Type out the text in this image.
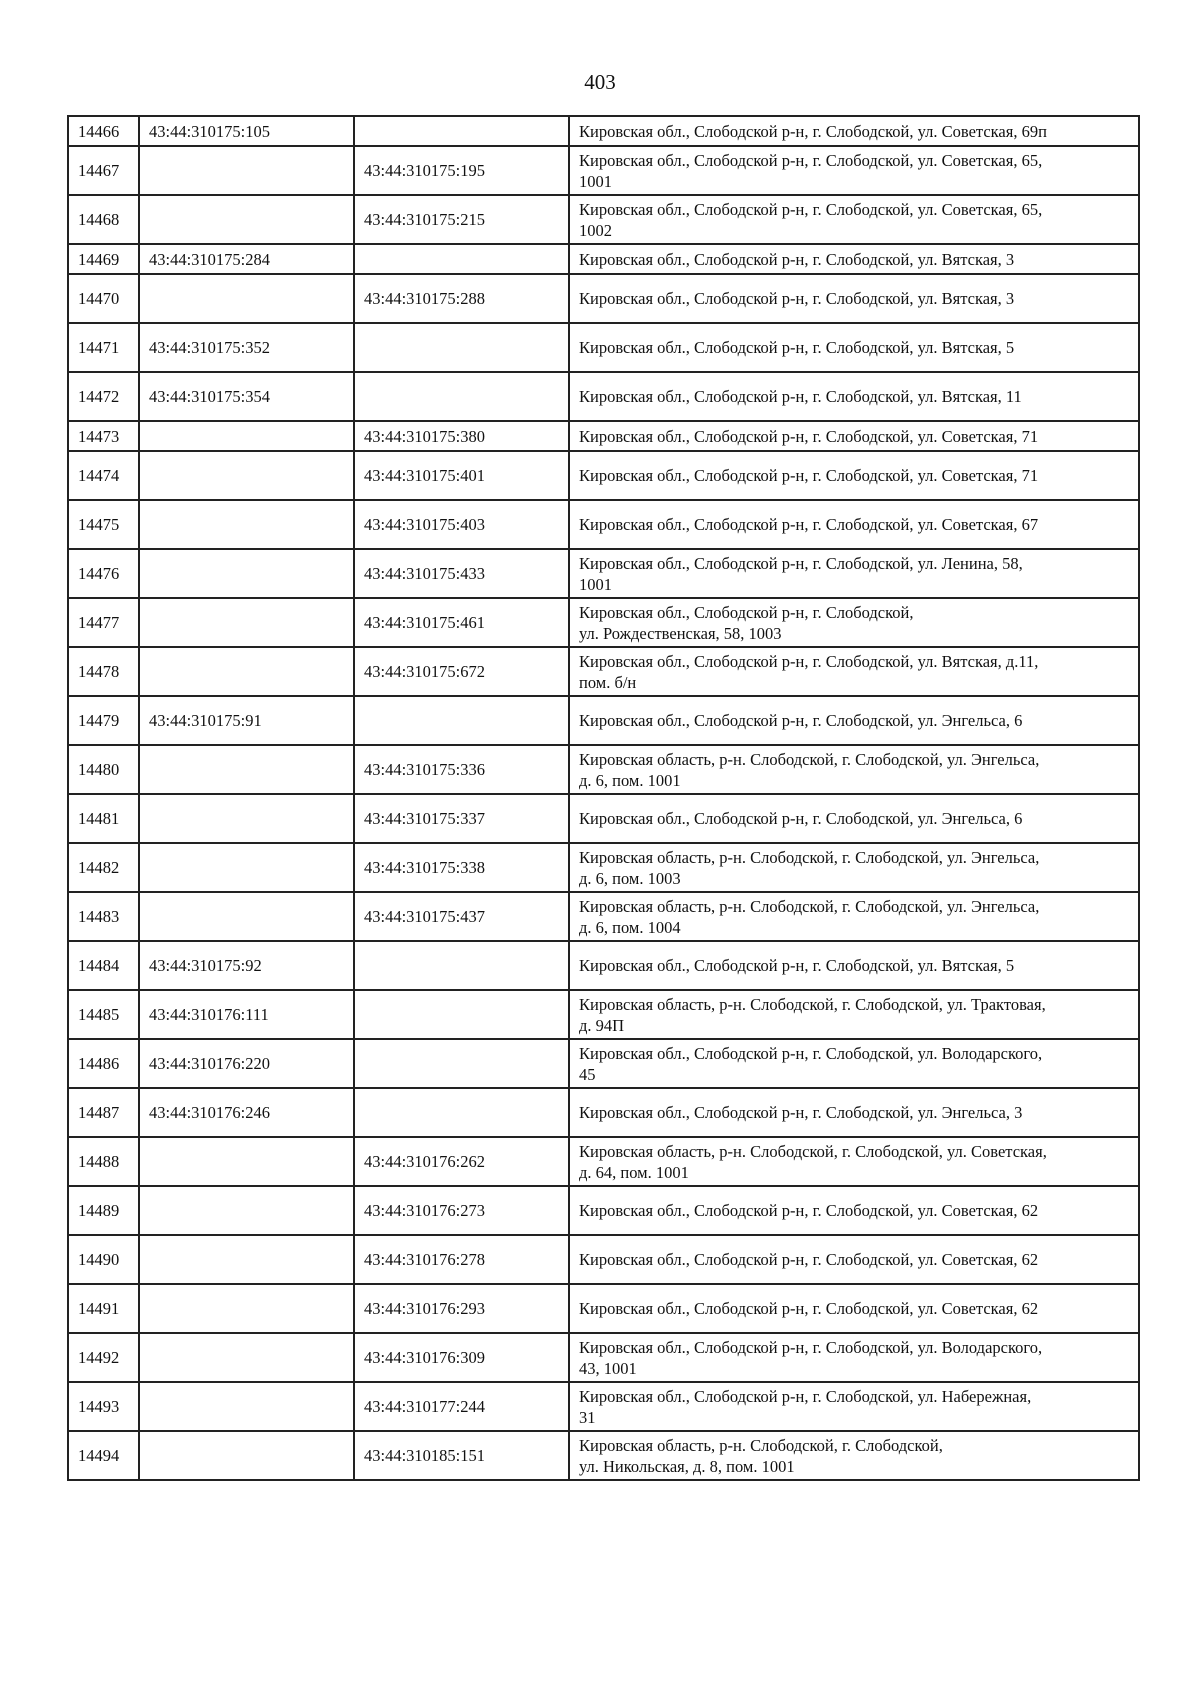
403
14466	43:44:310175:105		Кировская обл., Слободской р-н, г. Слободской, ул. Советская, 69п
14467		43:44:310175:195	Кировская обл., Слободской р-н, г. Слободской, ул. Советская, 65,
1001
14468		43:44:310175:215	Кировская обл., Слободской р-н, г. Слободской, ул. Советская, 65,
1002
14469	43:44:310175:284		Кировская обл., Слободской р-н, г. Слободской, ул. Вятская, 3
14470		43:44:310175:288	Кировская обл., Слободской р-н, г. Слободской, ул. Вятская, 3
14471	43:44:310175:352		Кировская обл., Слободской р-н, г. Слободской, ул. Вятская, 5
14472	43:44:310175:354		Кировская обл., Слободской р-н, г. Слободской, ул. Вятская, 11
14473		43:44:310175:380	Кировская обл., Слободской р-н, г. Слободской, ул. Советская, 71
14474		43:44:310175:401	Кировская обл., Слободской р-н, г. Слободской, ул. Советская, 71
14475		43:44:310175:403	Кировская обл., Слободской р-н, г. Слободской, ул. Советская, 67
14476		43:44:310175:433	Кировская обл., Слободской р-н, г. Слободской, ул. Ленина, 58,
1001
14477		43:44:310175:461	Кировская обл., Слободской р-н, г. Слободской,
ул. Рождественская, 58, 1003
14478		43:44:310175:672	Кировская обл., Слободской р-н, г. Слободской, ул. Вятская, д.11,
пом. б/н
14479	43:44:310175:91		Кировская обл., Слободской р-н, г. Слободской, ул. Энгельса, 6
14480		43:44:310175:336	Кировская область, р-н. Слободской, г. Слободской, ул. Энгельса,
д. 6, пом. 1001
14481		43:44:310175:337	Кировская обл., Слободской р-н, г. Слободской, ул. Энгельса, 6
14482		43:44:310175:338	Кировская область, р-н. Слободской, г. Слободской, ул. Энгельса,
д. 6, пом. 1003
14483		43:44:310175:437	Кировская область, р-н. Слободской, г. Слободской, ул. Энгельса,
д. 6, пом. 1004
14484	43:44:310175:92		Кировская обл., Слободской р-н, г. Слободской, ул. Вятская, 5
14485	43:44:310176:111		Кировская область, р-н. Слободской, г. Слободской, ул. Трактовая,
д. 94П
14486	43:44:310176:220		Кировская обл., Слободской р-н, г. Слободской, ул. Володарского,
45
14487	43:44:310176:246		Кировская обл., Слободской р-н, г. Слободской, ул. Энгельса, 3
14488		43:44:310176:262	Кировская область, р-н. Слободской, г. Слободской, ул. Советская,
д. 64, пом. 1001
14489		43:44:310176:273	Кировская обл., Слободской р-н, г. Слободской, ул. Советская, 62
14490		43:44:310176:278	Кировская обл., Слободской р-н, г. Слободской, ул. Советская, 62
14491		43:44:310176:293	Кировская обл., Слободской р-н, г. Слободской, ул. Советская, 62
14492		43:44:310176:309	Кировская обл., Слободской р-н, г. Слободской, ул. Володарского,
43, 1001
14493		43:44:310177:244	Кировская обл., Слободской р-н, г. Слободской, ул. Набережная,
31
14494		43:44:310185:151	Кировская область, р-н. Слободской, г. Слободской,
ул. Никольская, д. 8, пом. 1001
